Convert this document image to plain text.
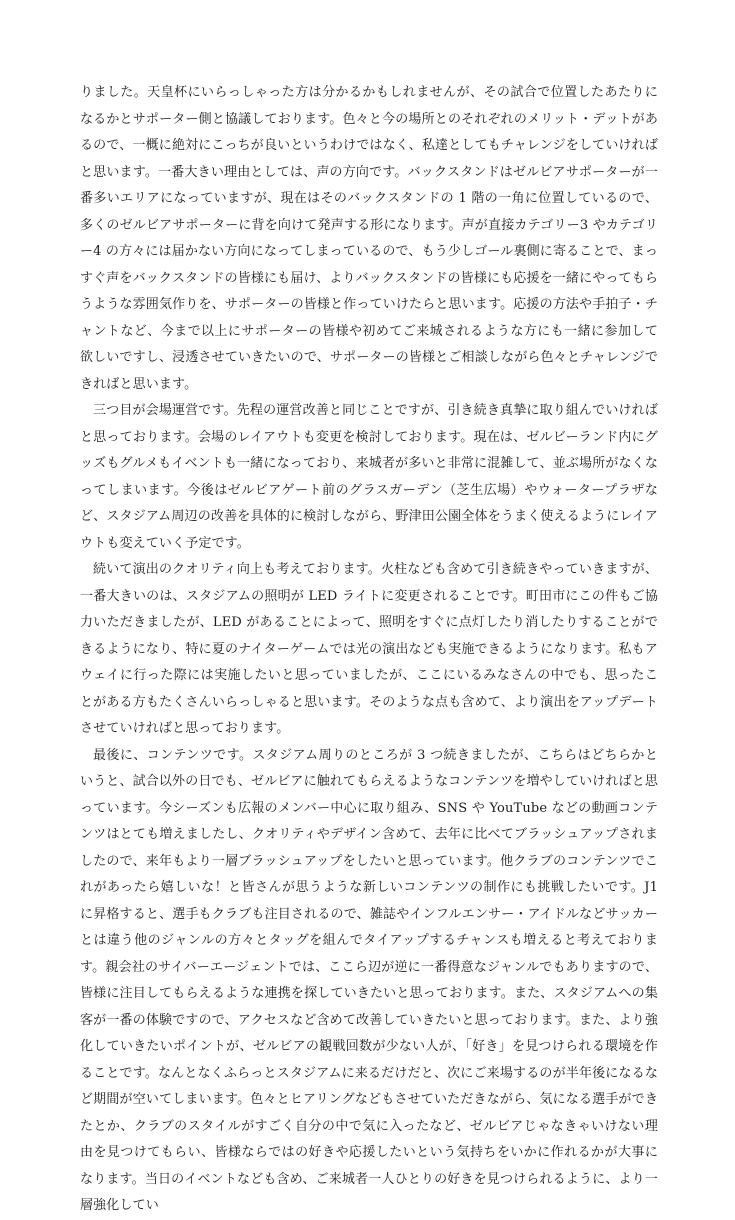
りました。天皇杯にいらっしゃった方は分かるかもしれませんが、その試合で位置したあたりになるかとサポーター側と協議しております。色々と今の場所とのそれぞれのメリット・デットがあるので、一概に絶対にこっちが良いというわけではなく、私達としてもチャレンジをしていければと思います。一番大きい理由としては、声の方向です。バックスタンドはゼルビアサポーターが一番多いエリアになっていますが、現在はそのバックスタンドの 1 階の一角に位置しているので、多くのゼルビアサポーターに背を向けて発声する形になります。声が直接カテゴリー3 やカテゴリー4 の方々には届かない方向になってしまっているので、もう少しゴール裏側に寄ることで、まっすぐ声をバックスタンドの皆様にも届け、よりバックスタンドの皆様にも応援を一緒にやってもらうような雰囲気作りを、サポーターの皆様と作っていけたらと思います。応援の方法や手拍子・チャントなど、今まで以上にサポーターの皆様や初めてご来城されるような方にも一緒に参加して欲しいですし、浸透させていきたいので、サポーターの皆様とご相談しながら色々とチャレンジできればと思います。

三つ目が会場運営です。先程の運営改善と同じことですが、引き続き真摯に取り組んでいければと思っております。会場のレイアウトも変更を検討しております。現在は、ゼルビーランド内にグッズもグルメもイベントも一緒になっており、来城者が多いと非常に混雑して、並ぶ場所がなくなってしまいます。今後はゼルビアゲート前のグラスガーデン（芝生広場）やウォータープラザなど、スタジアム周辺の改善を具体的に検討しながら、野津田公園全体をうまく使えるようにレイアウトも変えていく予定です。

続いて演出のクオリティ向上も考えております。火柱なども含めて引き続きやっていきますが、一番大きいのは、スタジアムの照明が LED ライトに変更されることです。町田市にこの件もご協力いただきましたが、LED があることによって、照明をすぐに点灯したり消したりすることができるようになり、特に夏のナイターゲームでは光の演出なども実施できるようになります。私もアウェイに行った際には実施したいと思っていましたが、ここにいるみなさんの中でも、思ったことがある方もたくさんいらっしゃると思います。そのような点も含めて、より演出をアップデートさせていければと思っております。

最後に、コンテンツです。スタジアム周りのところが 3 つ続きましたが、こちらはどちらかというと、試合以外の日でも、ゼルビアに触れてもらえるようなコンテンツを増やしていければと思っています。今シーズンも広報のメンバー中心に取り組み、SNS や YouTube などの動画コンテンツはとても増えましたし、クオリティやデザイン含めて、去年に比べてブラッシュアップされましたので、来年もより一層ブラッシュアップをしたいと思っています。他クラブのコンテンツでこれがあったら嬉しいな！と皆さんが思うような新しいコンテンツの制作にも挑戦したいです。J1 に昇格すると、選手もクラブも注目されるので、雑誌やインフルエンサー・アイドルなどサッカーとは違う他のジャンルの方々とタッグを組んでタイアップするチャンスも増えると考えております。親会社のサイバーエージェントでは、ここら辺が逆に一番得意なジャンルでもありますので、皆様に注目してもらえるような連携を探していきたいと思っております。また、スタジアムへの集客が一番の体験ですので、アクセスなど含めて改善していきたいと思っております。また、より強化していきたいポイントが、ゼルビアの観戦回数が少ない人が、「好き」を見つけられる環境を作ることです。なんとなくふらっとスタジアムに来るだけだと、次にご来場するのが半年後になるなど期間が空いてしまいます。色々とヒアリングなどもさせていただきながら、気になる選手ができたとか、クラブのスタイルがすごく自分の中で気に入ったなど、ゼルビアじゃなきゃいけない理由を見つけてもらい、皆様ならではの好きや応援したいという気持ちをいかに作れるかが大事になります。当日のイベントなども含め、ご来城者一人ひとりの好きを見つけられるように、より一層強化してい
